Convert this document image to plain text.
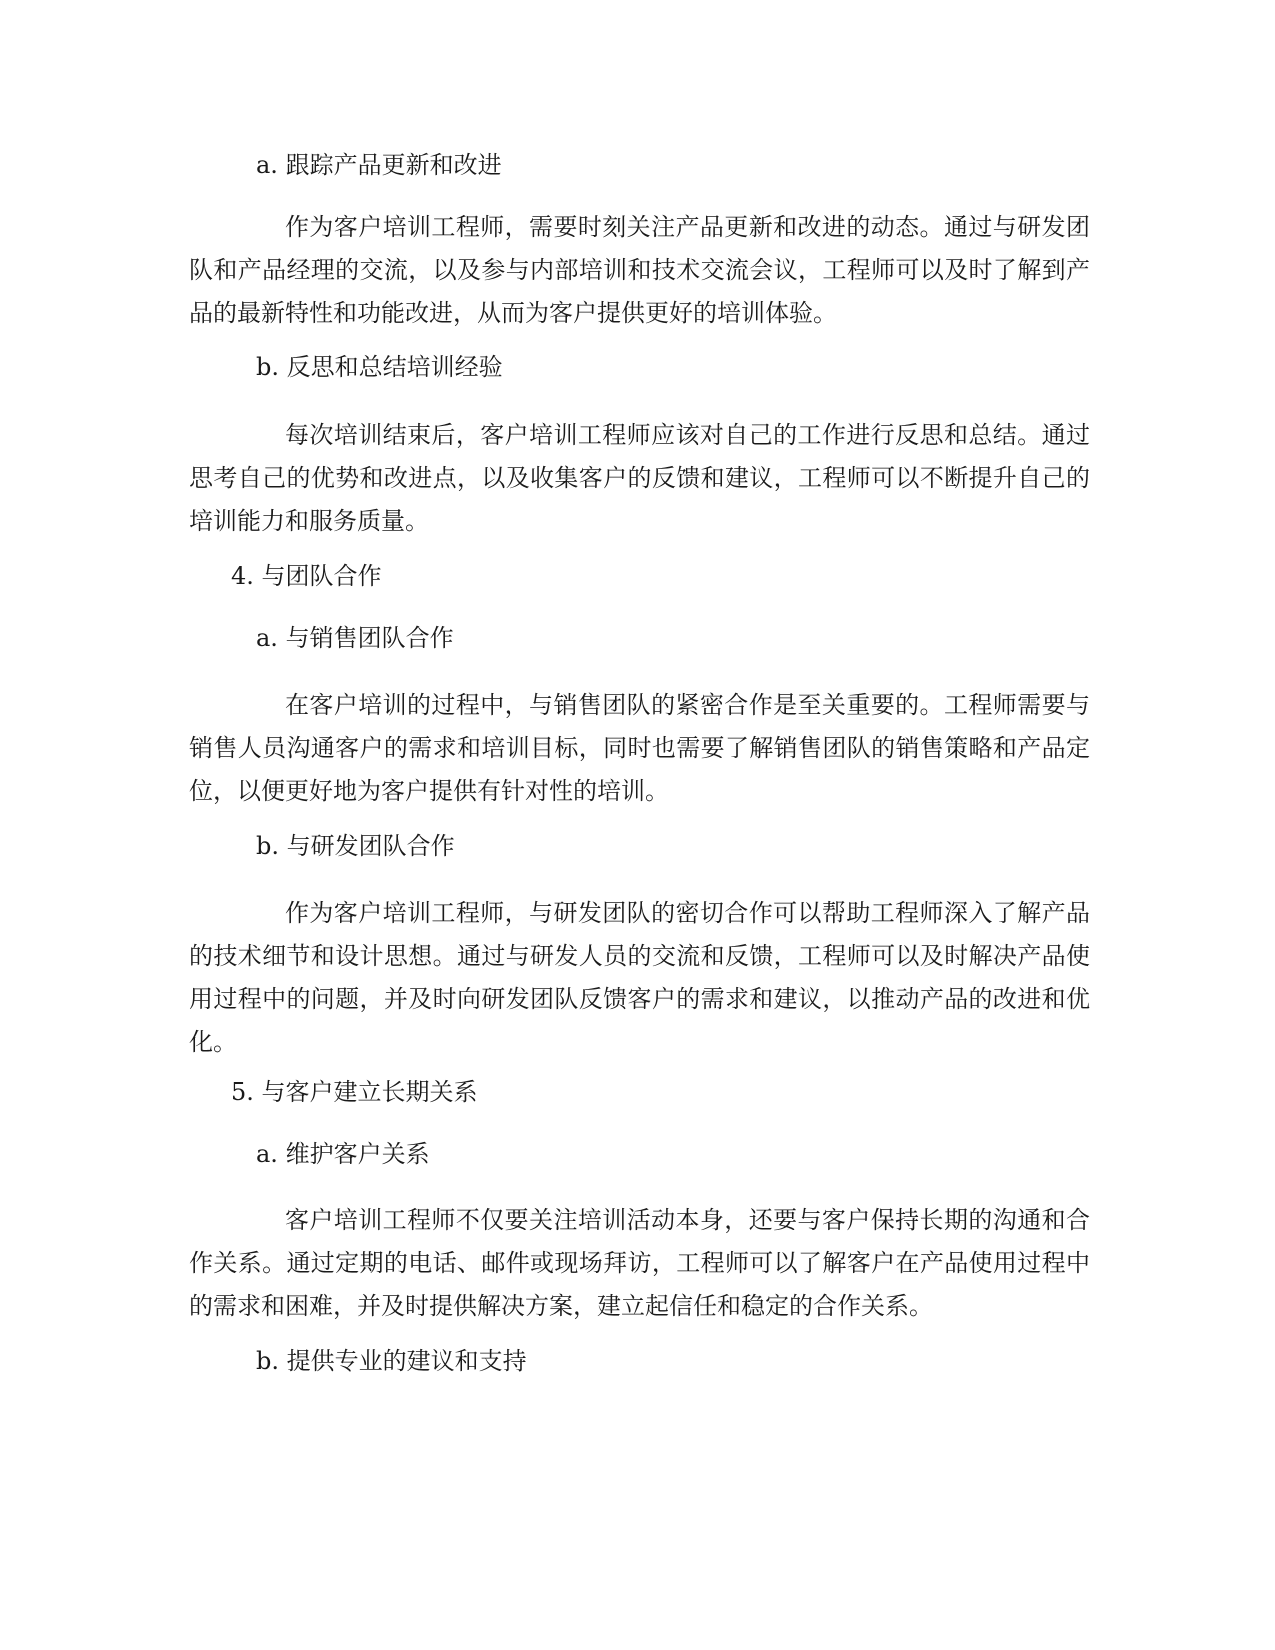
a. 跟踪产品更新和改进

作为客户培训工程师，需要时刻关注产品更新和改进的动态。通过与研发团队和产品经理的交流，以及参与内部培训和技术交流会议，工程师可以及时了解到产品的最新特性和功能改进，从而为客户提供更好的培训体验。

b. 反思和总结培训经验

每次培训结束后，客户培训工程师应该对自己的工作进行反思和总结。通过思考自己的优势和改进点，以及收集客户的反馈和建议，工程师可以不断提升自己的培训能力和服务质量。

4. 与团队合作

a. 与销售团队合作

在客户培训的过程中，与销售团队的紧密合作是至关重要的。工程师需要与销售人员沟通客户的需求和培训目标，同时也需要了解销售团队的销售策略和产品定位，以便更好地为客户提供有针对性的培训。

b. 与研发团队合作

作为客户培训工程师，与研发团队的密切合作可以帮助工程师深入了解产品的技术细节和设计思想。通过与研发人员的交流和反馈，工程师可以及时解决产品使用过程中的问题，并及时向研发团队反馈客户的需求和建议，以推动产品的改进和优化。

5. 与客户建立长期关系

a. 维护客户关系

客户培训工程师不仅要关注培训活动本身，还要与客户保持长期的沟通和合作关系。通过定期的电话、邮件或现场拜访，工程师可以了解客户在产品使用过程中的需求和困难，并及时提供解决方案，建立起信任和稳定的合作关系。

b. 提供专业的建议和支持
